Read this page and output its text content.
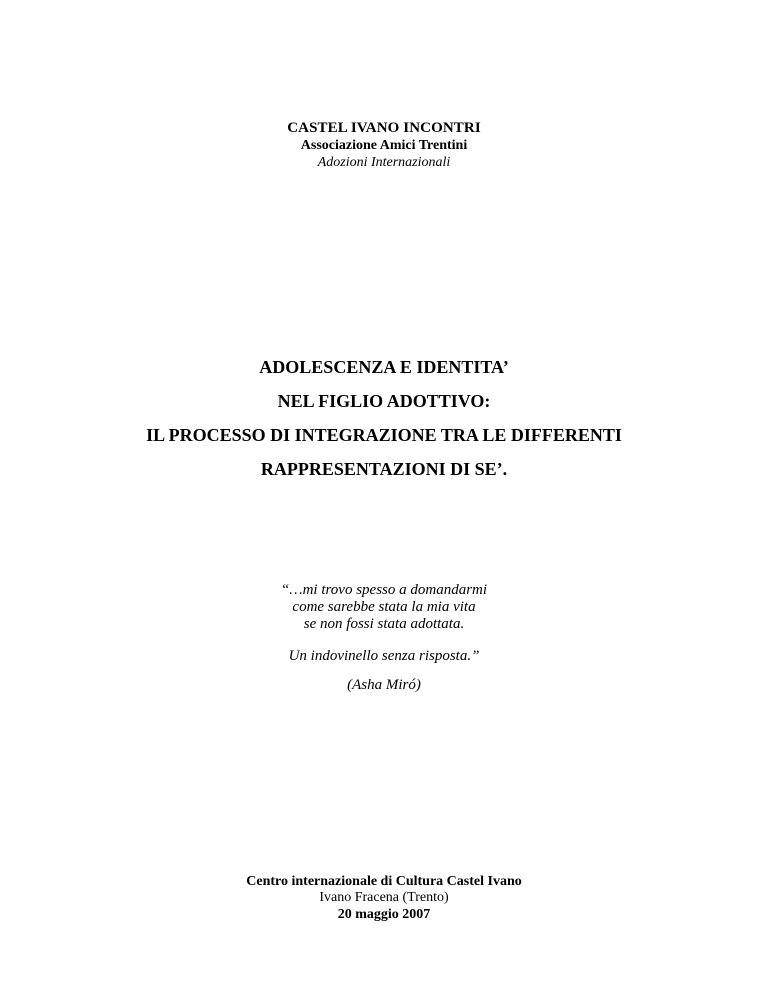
CASTEL IVANO INCONTRI
Associazione Amici Trentini
Adozioni Internazionali
ADOLESCENZA E IDENTITA’
NEL FIGLIO ADOTTIVO:
IL PROCESSO DI INTEGRAZIONE TRA LE DIFFERENTI
RAPPRESENTAZIONI DI SE’.
“…mi trovo spesso a domandarmi
come sarebbe stata la mia vita
se non fossi stata adottata.
Un indovinello senza risposta.”
(Asha Miró)
Centro internazionale di Cultura Castel Ivano
Ivano Fracena (Trento)
20 maggio 2007
